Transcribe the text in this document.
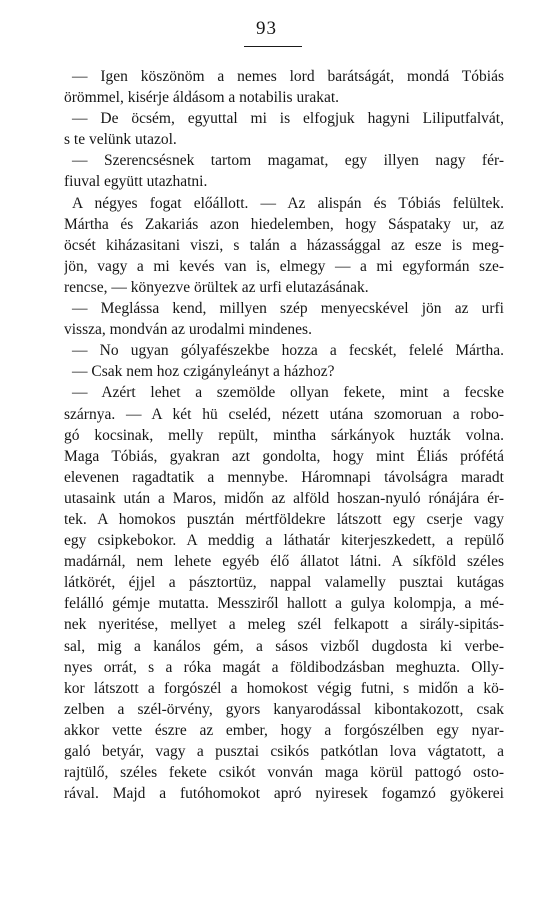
93
— Igen köszönöm a nemes lord barátságát, mondá Tóbiás
örömmel, kisérje áldásom a notabilis urakat.
— De öcsém, egyuttal mi is elfogjuk hagyni Liliputfalvát,
s te velünk utazol.
— Szerencsésnek tartom magamat, egy illyen nagy fér-
fiuval együtt utazhatni.
A négyes fogat előállott. — Az alispán és Tóbiás felültek.
Mártha és Zakariás azon hiedelemben, hogy Sáspataky ur, az
öcsét kiházasitani viszi, s talán a házassággal az esze is meg-
jön, vagy a mi kevés van is, elmegy — a mi egyformán sze-
rencse, — könyezve örültek az urfi elutazásának.
— Meglássa kend, millyen szép menyecskével jön az urfi
vissza, mondván az urodalmi mindenes.
— No ugyan gólyafészekbe hozza a fecskét, felelé Mártha.
— Csak nem hoz czigányleányt a házhoz?
— Azért lehet a szemölde ollyan fekete, mint a fecske
szárnya. — A két hü cseléd, nézett utána szomoruan a robo-
gó kocsinak, melly repült, mintha sárkányok huzták volna.
Maga Tóbiás, gyakran azt gondolta, hogy mint Éliás prófétá
elevenen ragadtatik a mennybe. Háromnapi távolságra maradt
utasaink után a Maros, midőn az alföld hoszan-nyuló rónájára ér-
tek. A homokos pusztán mértföldekre látszott egy cserje vagy
egy csipkebokor. A meddig a láthatár kiterjeszkedett, a repülő
madárnál, nem lehete egyéb élő állatot látni. A síkföld széles
látkörét, éjjel a pásztortüz, nappal valamelly pusztai kutágas
felálló gémje mutatta. Messziről hallott a gulya kolompja, a mé-
nek nyeritése, mellyet a meleg szél felkapott a sirály-sipitás-
sal, mig a kanálos gém, a sásos vizből dugdosta ki verbe-
nyes orrát, s a róka magát a földibodzásban meghuzta. Olly-
kor látszott a forgószél a homokost végig futni, s midőn a kö-
zelben a szél-örvény, gyors kanyarodással kibontakozott, csak
akkor vette észre az ember, hogy a forgószélben egy nyar-
galó betyár, vagy a pusztai csikós patkótlan lova vágtatott, a
rajtülő, széles fekete csikót vonván maga körül pattogó osto-
rával. Majd a futóhomokot apró nyiresek fogamzó gyökerei
